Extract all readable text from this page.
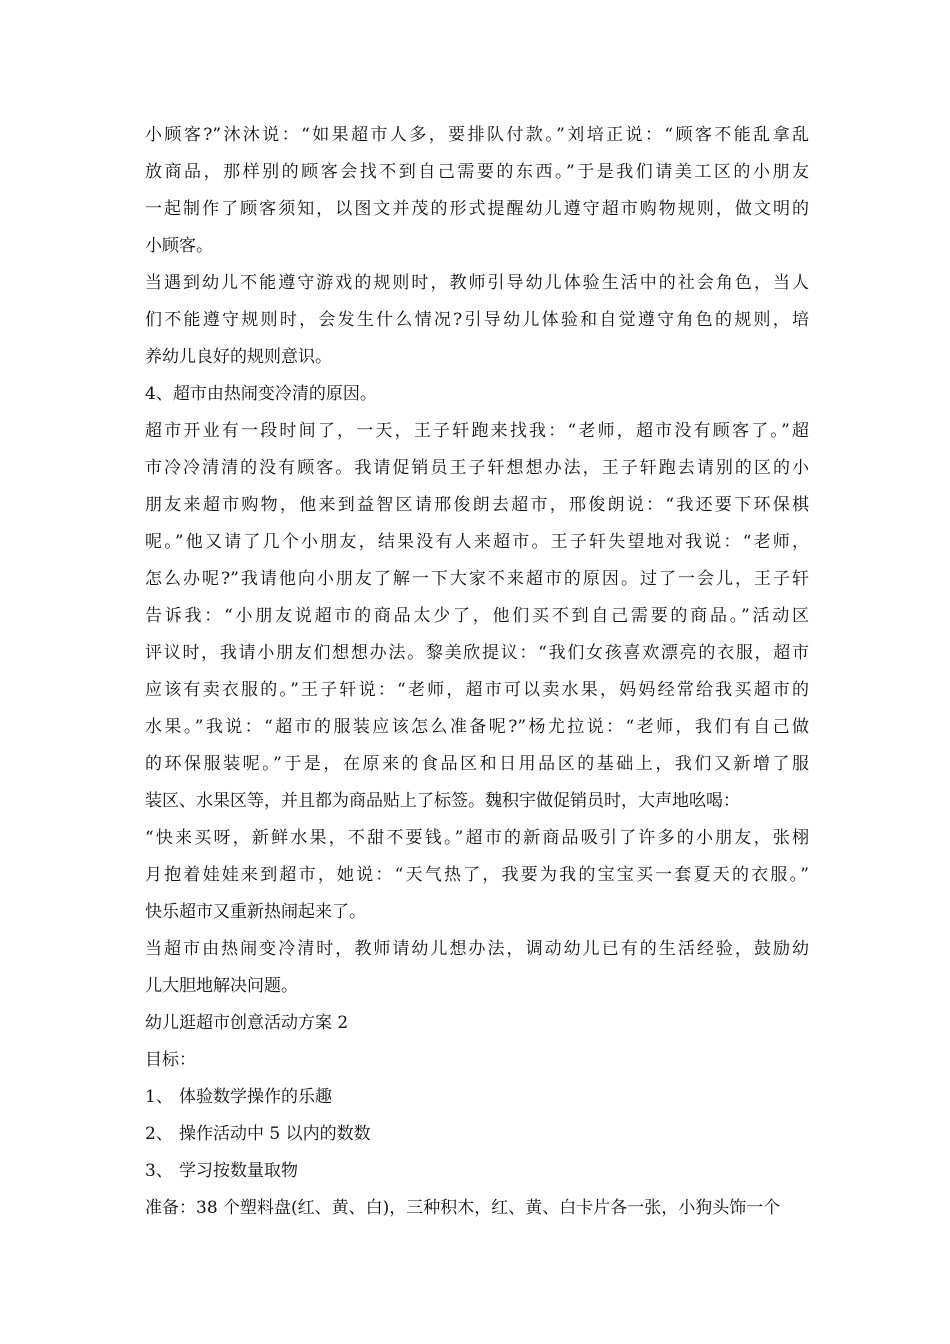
小顾客?”沐沐说：“如果超市人多，要排队付款。”刘培正说：“顾客不能乱拿乱
放商品，那样别的顾客会找不到自己需要的东西。”于是我们请美工区的小朋友
一起制作了顾客须知，以图文并茂的形式提醒幼儿遵守超市购物规则，做文明的
小顾客。
当遇到幼儿不能遵守游戏的规则时，教师引导幼儿体验生活中的社会角色，当人
们不能遵守规则时，会发生什么情况?引导幼儿体验和自觉遵守角色的规则，培
养幼儿良好的规则意识。
4、超市由热闹变冷清的原因。
超市开业有一段时间了，一天，王子轩跑来找我：“老师，超市没有顾客了。”超
市冷冷清清的没有顾客。我请促销员王子轩想想办法，王子轩跑去请别的区的小
朋友来超市购物，他来到益智区请邢俊朗去超市，邢俊朗说：“我还要下环保棋
呢。”他又请了几个小朋友，结果没有人来超市。王子轩失望地对我说：“老师，
怎么办呢?”我请他向小朋友了解一下大家不来超市的原因。过了一会儿，王子轩
告诉我：“小朋友说超市的商品太少了，他们买不到自己需要的商品。”活动区
评议时，我请小朋友们想想办法。黎美欣提议：“我们女孩喜欢漂亮的衣服，超市
应该有卖衣服的。”王子轩说：“老师，超市可以卖水果，妈妈经常给我买超市的
水果。”我说：“超市的服装应该怎么准备呢?”杨尤拉说：“老师，我们有自己做
的环保服装呢。”于是，在原来的食品区和日用品区的基础上，我们又新增了服
装区、水果区等，并且都为商品贴上了标签。魏积宇做促销员时，大声地吆喝：
“快来买呀，新鲜水果，不甜不要钱。”超市的新商品吸引了许多的小朋友，张栩
月抱着娃娃来到超市，她说：“天气热了，我要为我的宝宝买一套夏天的衣服。”
快乐超市又重新热闹起来了。
当超市由热闹变冷清时，教师请幼儿想办法，调动幼儿已有的生活经验，鼓励幼
儿大胆地解决问题。
幼儿逛超市创意活动方案 2
目标：
1、 体验数学操作的乐趣
2、 操作活动中 5 以内的数数
3、 学习按数量取物
准备：38 个塑料盘(红、黄、白)，三种积木，红、黄、白卡片各一张，小狗头饰一个
